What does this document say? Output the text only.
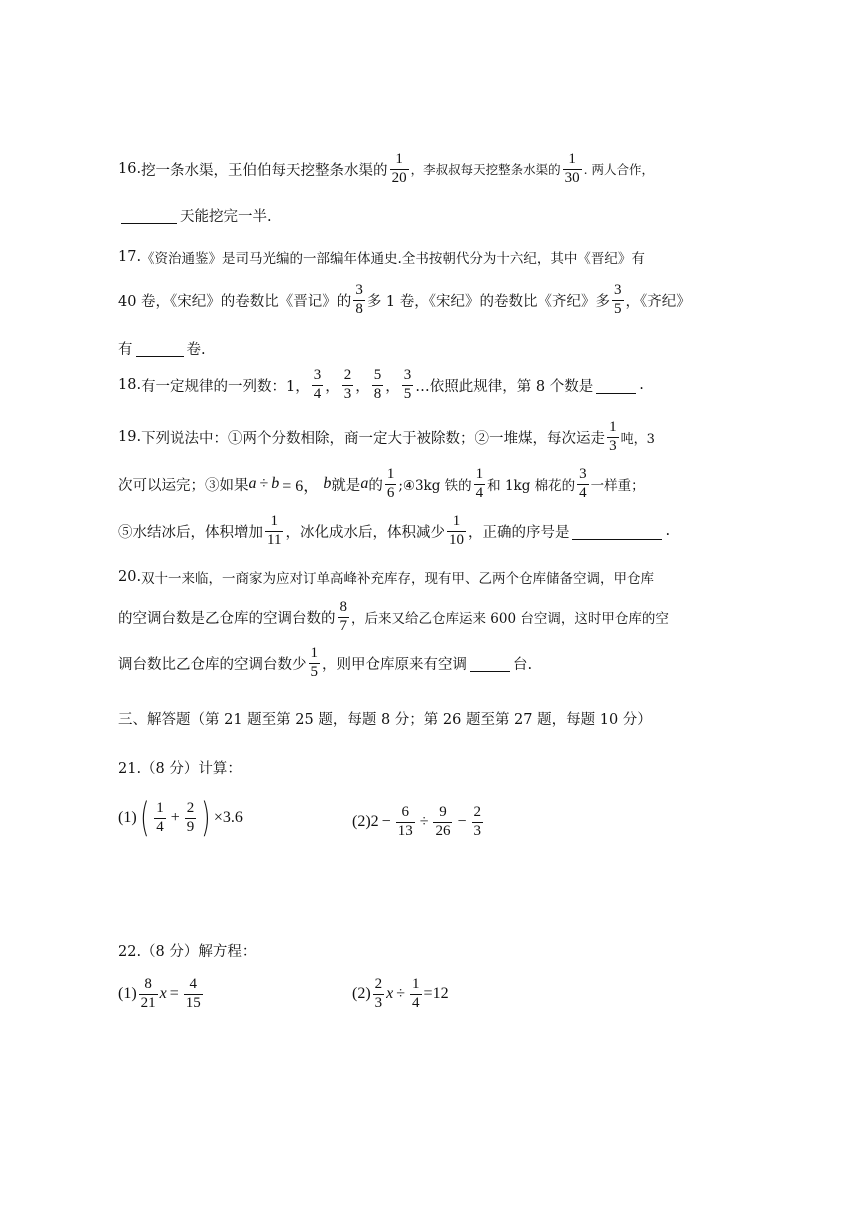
16. 挖一条水渠，王伯伯每天挖整条水渠的 $\frac{1}{20}$ ，李叔叔每天挖整条水渠的 $\frac{1}{30}$ . 两人合作，
天能挖完一半.
17. 《资治通鉴》是司马光编的一部编年体通史.全书按朝代分为十六纪，其中《晋纪》有
40 卷，《宋纪》的卷数比《晋记》的 $\frac{3}{8}$ 多 1 卷，《宋纪》的卷数比《齐纪》多 $\frac{3}{5}$ ，《齐纪》
有	卷.
18. 有一定规律的一列数：1， $\frac{3}{4}$ ， $\frac{2}{3}$ ， $\frac{5}{8}$ ， $\frac{3}{5}$ …依照此规律，第 8 个数是	.
19. 下列说法中：①两个分数相除，商一定大于被除数；②一堆煤，每次运走 $\frac{1}{3}$ 吨，3
次可以运完；③如果 a ÷ b = 6， b 就是 a 的 $\frac{1}{6}$ ;④3kg 铁的 $\frac{1}{4}$ 和 1kg 棉花的 $\frac{3}{4}$ 一样重；
⑤水结冰后，体积增加 $\frac{1}{11}$ ，冰化成水后，体积减少 $\frac{1}{10}$ ，正确的序号是	.
20. 双十一来临，一商家为应对订单高峰补充库存，现有甲、乙两个仓库储备空调，甲仓库
的空调台数是乙仓库的空调台数的 $\frac{8}{7}$ ，后来又给乙仓库运来 600 台空调，这时甲仓库的空
调台数比乙仓库的空调台数少 $\frac{1}{5}$ ，则甲仓库原来有空调	台.
三、解答题（第 21 题至第 25 题，每题 8 分；第 26 题至第 27 题，每题 10 分）
21.（8 分）计算：
(1) ( $\frac{1}{4} + \frac{2}{9}$ ) ×3.6	$(2)2 - \frac{6}{13} \div \frac{9}{26} - \frac{2}{3}$
22.（8 分）解方程：
$(1) \frac{8}{21}$ $x = \frac{4}{15}$	$(2) \frac{2}{3}$ $x \div \frac{1}{4} =12$
